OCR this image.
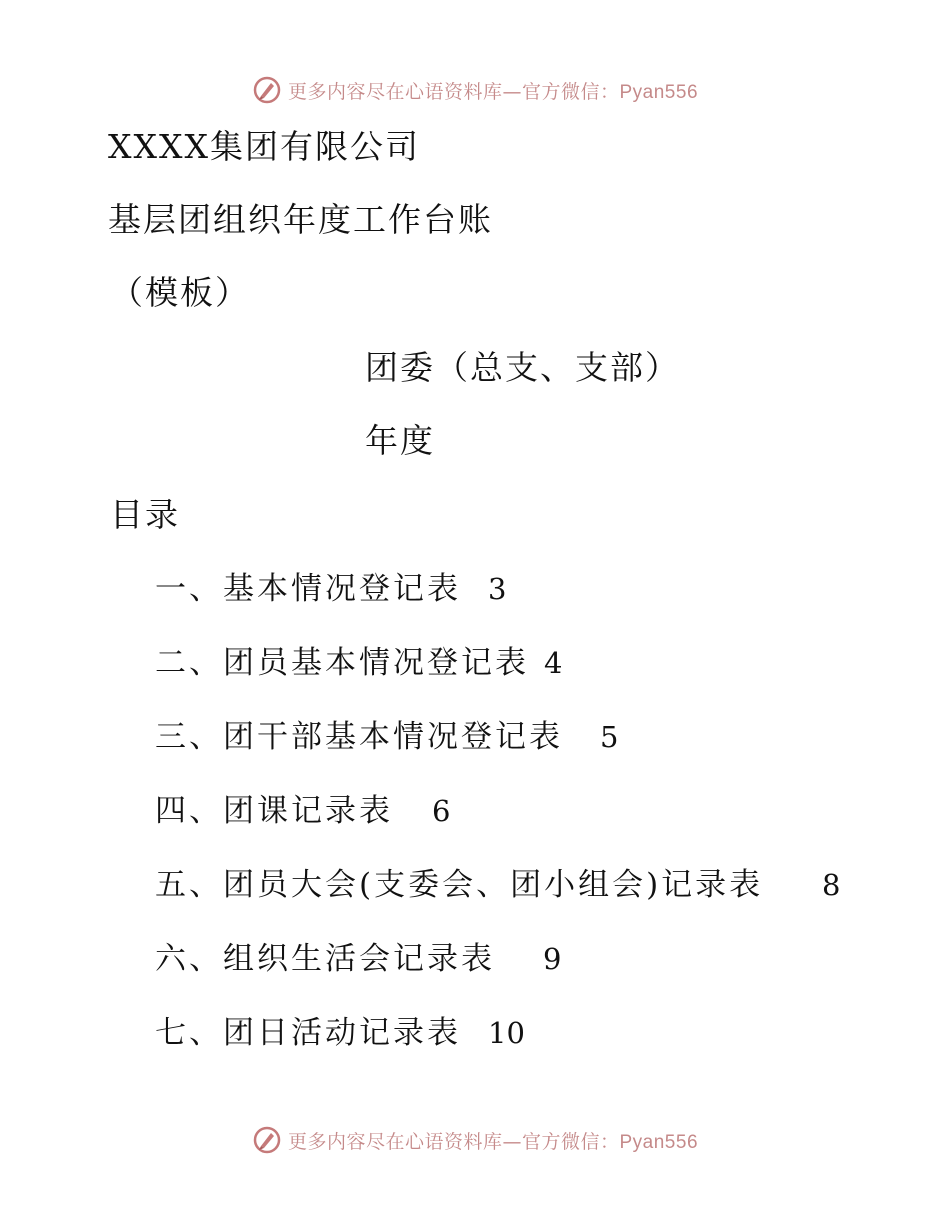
更多内容尽在心语资料库—官方微信：Pyan556
XXXX集团有限公司
基层团组织年度工作台账
（模板）
团委（总支、支部）
年度
目录
一、基本情况登记表 3
二、团员基本情况登记表 4
三、团干部基本情况登记表 5
四、团课记录表 6
五、团员大会(支委会、团小组会)记录表 8
六、组织生活会记录表 9
七、团日活动记录表 10
更多内容尽在心语资料库—官方微信：Pyan556
